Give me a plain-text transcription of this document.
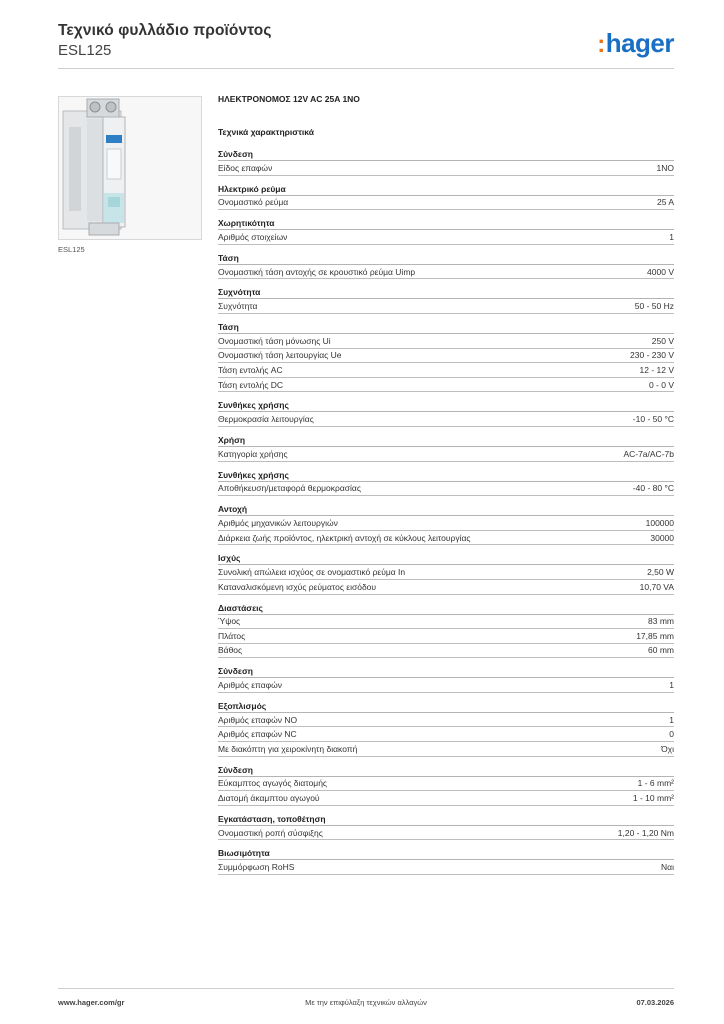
Τεχνικό φυλλάδιο προϊόντος
ESL125	:hager
ESL125
ΗΛΕΚΤΡΟΝΟΜΟΣ 12V AC 25A 1NO
Τεχνικά χαρακτηριστικά
Σύνδεση
Είδος επαφών	1NO
Ηλεκτρικό ρεύμα
Ονομαστικό ρεύμα	25 A
Χωρητικότητα
Αριθμός στοιχείων	1
Τάση
Ονομαστική τάση αντοχής σε κρουστικό ρεύμα Uimp	4000 V
Συχνότητα
Συχνότητα	50 - 50 Hz
Τάση
Ονομαστική τάση μόνωσης Ui	250 V
Ονομαστική τάση λειτουργίας Ue	230 - 230 V
Τάση εντολής AC	12 - 12 V
Τάση εντολής DC	0 - 0 V
Συνθήκες χρήσης
Θερμοκρασία λειτουργίας	-10 - 50 °C
Χρήση
Κατηγορία χρήσης	AC-7a/AC-7b
Συνθήκες χρήσης
Αποθήκευση/μεταφορά θερμοκρασίας	-40 - 80 °C
Αντοχή
Αριθμός μηχανικών λειτουργιών	100000
Διάρκεια ζωής προϊόντος, ηλεκτρική αντοχή σε κύκλους λειτουργίας	30000
Ισχύς
Συνολική απώλεια ισχύος σε ονομαστικό ρεύμα In	2,50 W
Καταναλισκόμενη ισχύς ρεύματος εισόδου	10,70 VA
Διαστάσεις
Ύψος	83 mm
Πλάτος	17,85 mm
Βάθος	60 mm
Σύνδεση
Αριθμός επαφών	1
Εξοπλισμός
Αριθμός επαφών NO	1
Αριθμός επαφών NC	0
Με διακόπτη για χειροκίνητη διακοπή	Όχι
Σύνδεση
Εύκαμπτος αγωγός διατομής	1 - 6 mm²
Διατομή άκαμπτου αγωγού	1 - 10 mm²
Εγκατάσταση, τοποθέτηση
Ονομαστική ροπή σύσφιξης	1,20 - 1,20 Nm
Βιωσιμότητα
Συμμόρφωση RoHS	Ναι
www.hager.com/gr	Με την επιφύλαξη τεχνικών αλλαγών	07.03.2026
